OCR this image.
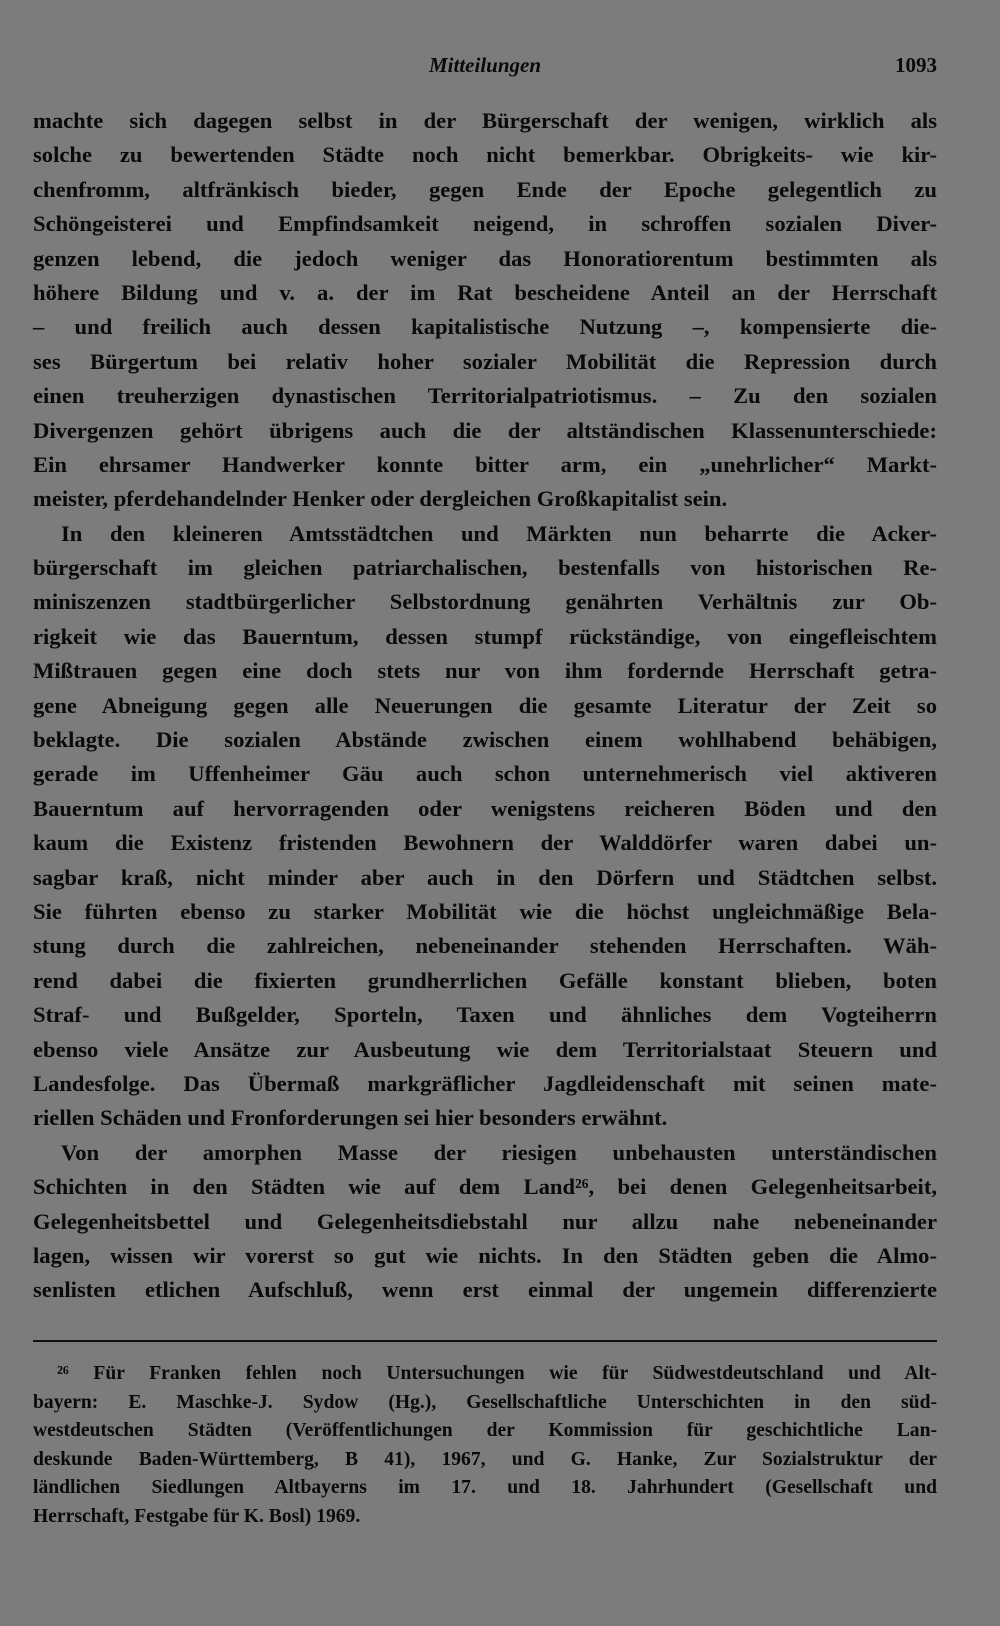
Mitteilungen	1093
machte sich dagegen selbst in der Bürgerschaft der wenigen, wirklich als
solche zu bewertenden Städte noch nicht bemerkbar. Obrigkeits- wie kir-
chenfromm, altfränkisch bieder, gegen Ende der Epoche gelegentlich zu
Schöngeisterei und Empfindsamkeit neigend, in schroffen sozialen Diver-
genzen lebend, die jedoch weniger das Honoratiorentum bestimmten als
höhere Bildung und v. a. der im Rat bescheidene Anteil an der Herrschaft
– und freilich auch dessen kapitalistische Nutzung –, kompensierte die-
ses Bürgertum bei relativ hoher sozialer Mobilität die Repression durch
einen treuherzigen dynastischen Territorialpatriotismus. – Zu den sozialen
Divergenzen gehört übrigens auch die der altständischen Klassenunterschiede:
Ein ehrsamer Handwerker konnte bitter arm, ein „unehrlicher“ Markt-
meister, pferdehandelnder Henker oder dergleichen Großkapitalist sein.
In den kleineren Amtsstädtchen und Märkten nun beharrte die Acker-
bürgerschaft im gleichen patriarchalischen, bestenfalls von historischen Re-
miniszenzen stadtbürgerlicher Selbstordnung genährten Verhältnis zur Ob-
rigkeit wie das Bauerntum, dessen stumpf rückständige, von eingefleischtem
Mißtrauen gegen eine doch stets nur von ihm fordernde Herrschaft getra-
gene Abneigung gegen alle Neuerungen die gesamte Literatur der Zeit so
beklagte. Die sozialen Abstände zwischen einem wohlhabend behäbigen,
gerade im Uffenheimer Gäu auch schon unternehmerisch viel aktiveren
Bauerntum auf hervorragenden oder wenigstens reicheren Böden und den
kaum die Existenz fristenden Bewohnern der Walddörfer waren dabei un-
sagbar kraß, nicht minder aber auch in den Dörfern und Städtchen selbst.
Sie führten ebenso zu starker Mobilität wie die höchst ungleichmäßige Bela-
stung durch die zahlreichen, nebeneinander stehenden Herrschaften. Wäh-
rend dabei die fixierten grundherrlichen Gefälle konstant blieben, boten
Straf- und Bußgelder, Sporteln, Taxen und ähnliches dem Vogteiherrn
ebenso viele Ansätze zur Ausbeutung wie dem Territorialstaat Steuern und
Landesfolge. Das Übermaß markgräflicher Jagdleidenschaft mit seinen mate-
riellen Schäden und Fronforderungen sei hier besonders erwähnt.
Von der amorphen Masse der riesigen unbehausten unterständischen
Schichten in den Städten wie auf dem Land²⁶, bei denen Gelegenheitsarbeit,
Gelegenheitsbettel und Gelegenheitsdiebstahl nur allzu nahe nebeneinander
lagen, wissen wir vorerst so gut wie nichts. In den Städten geben die Almo-
senlisten etlichen Aufschluß, wenn erst einmal der ungemein differenzierte
²⁶ Für Franken fehlen noch Untersuchungen wie für Südwestdeutschland und Alt-
bayern: E. Maschke-J. Sydow (Hg.), Gesellschaftliche Unterschichten in den süd-
westdeutschen Städten (Veröffentlichungen der Kommission für geschichtliche Lan-
deskunde Baden-Württemberg, B 41), 1967, und G. Hanke, Zur Sozialstruktur der
ländlichen Siedlungen Altbayerns im 17. und 18. Jahrhundert (Gesellschaft und
Herrschaft, Festgabe für K. Bosl) 1969.
